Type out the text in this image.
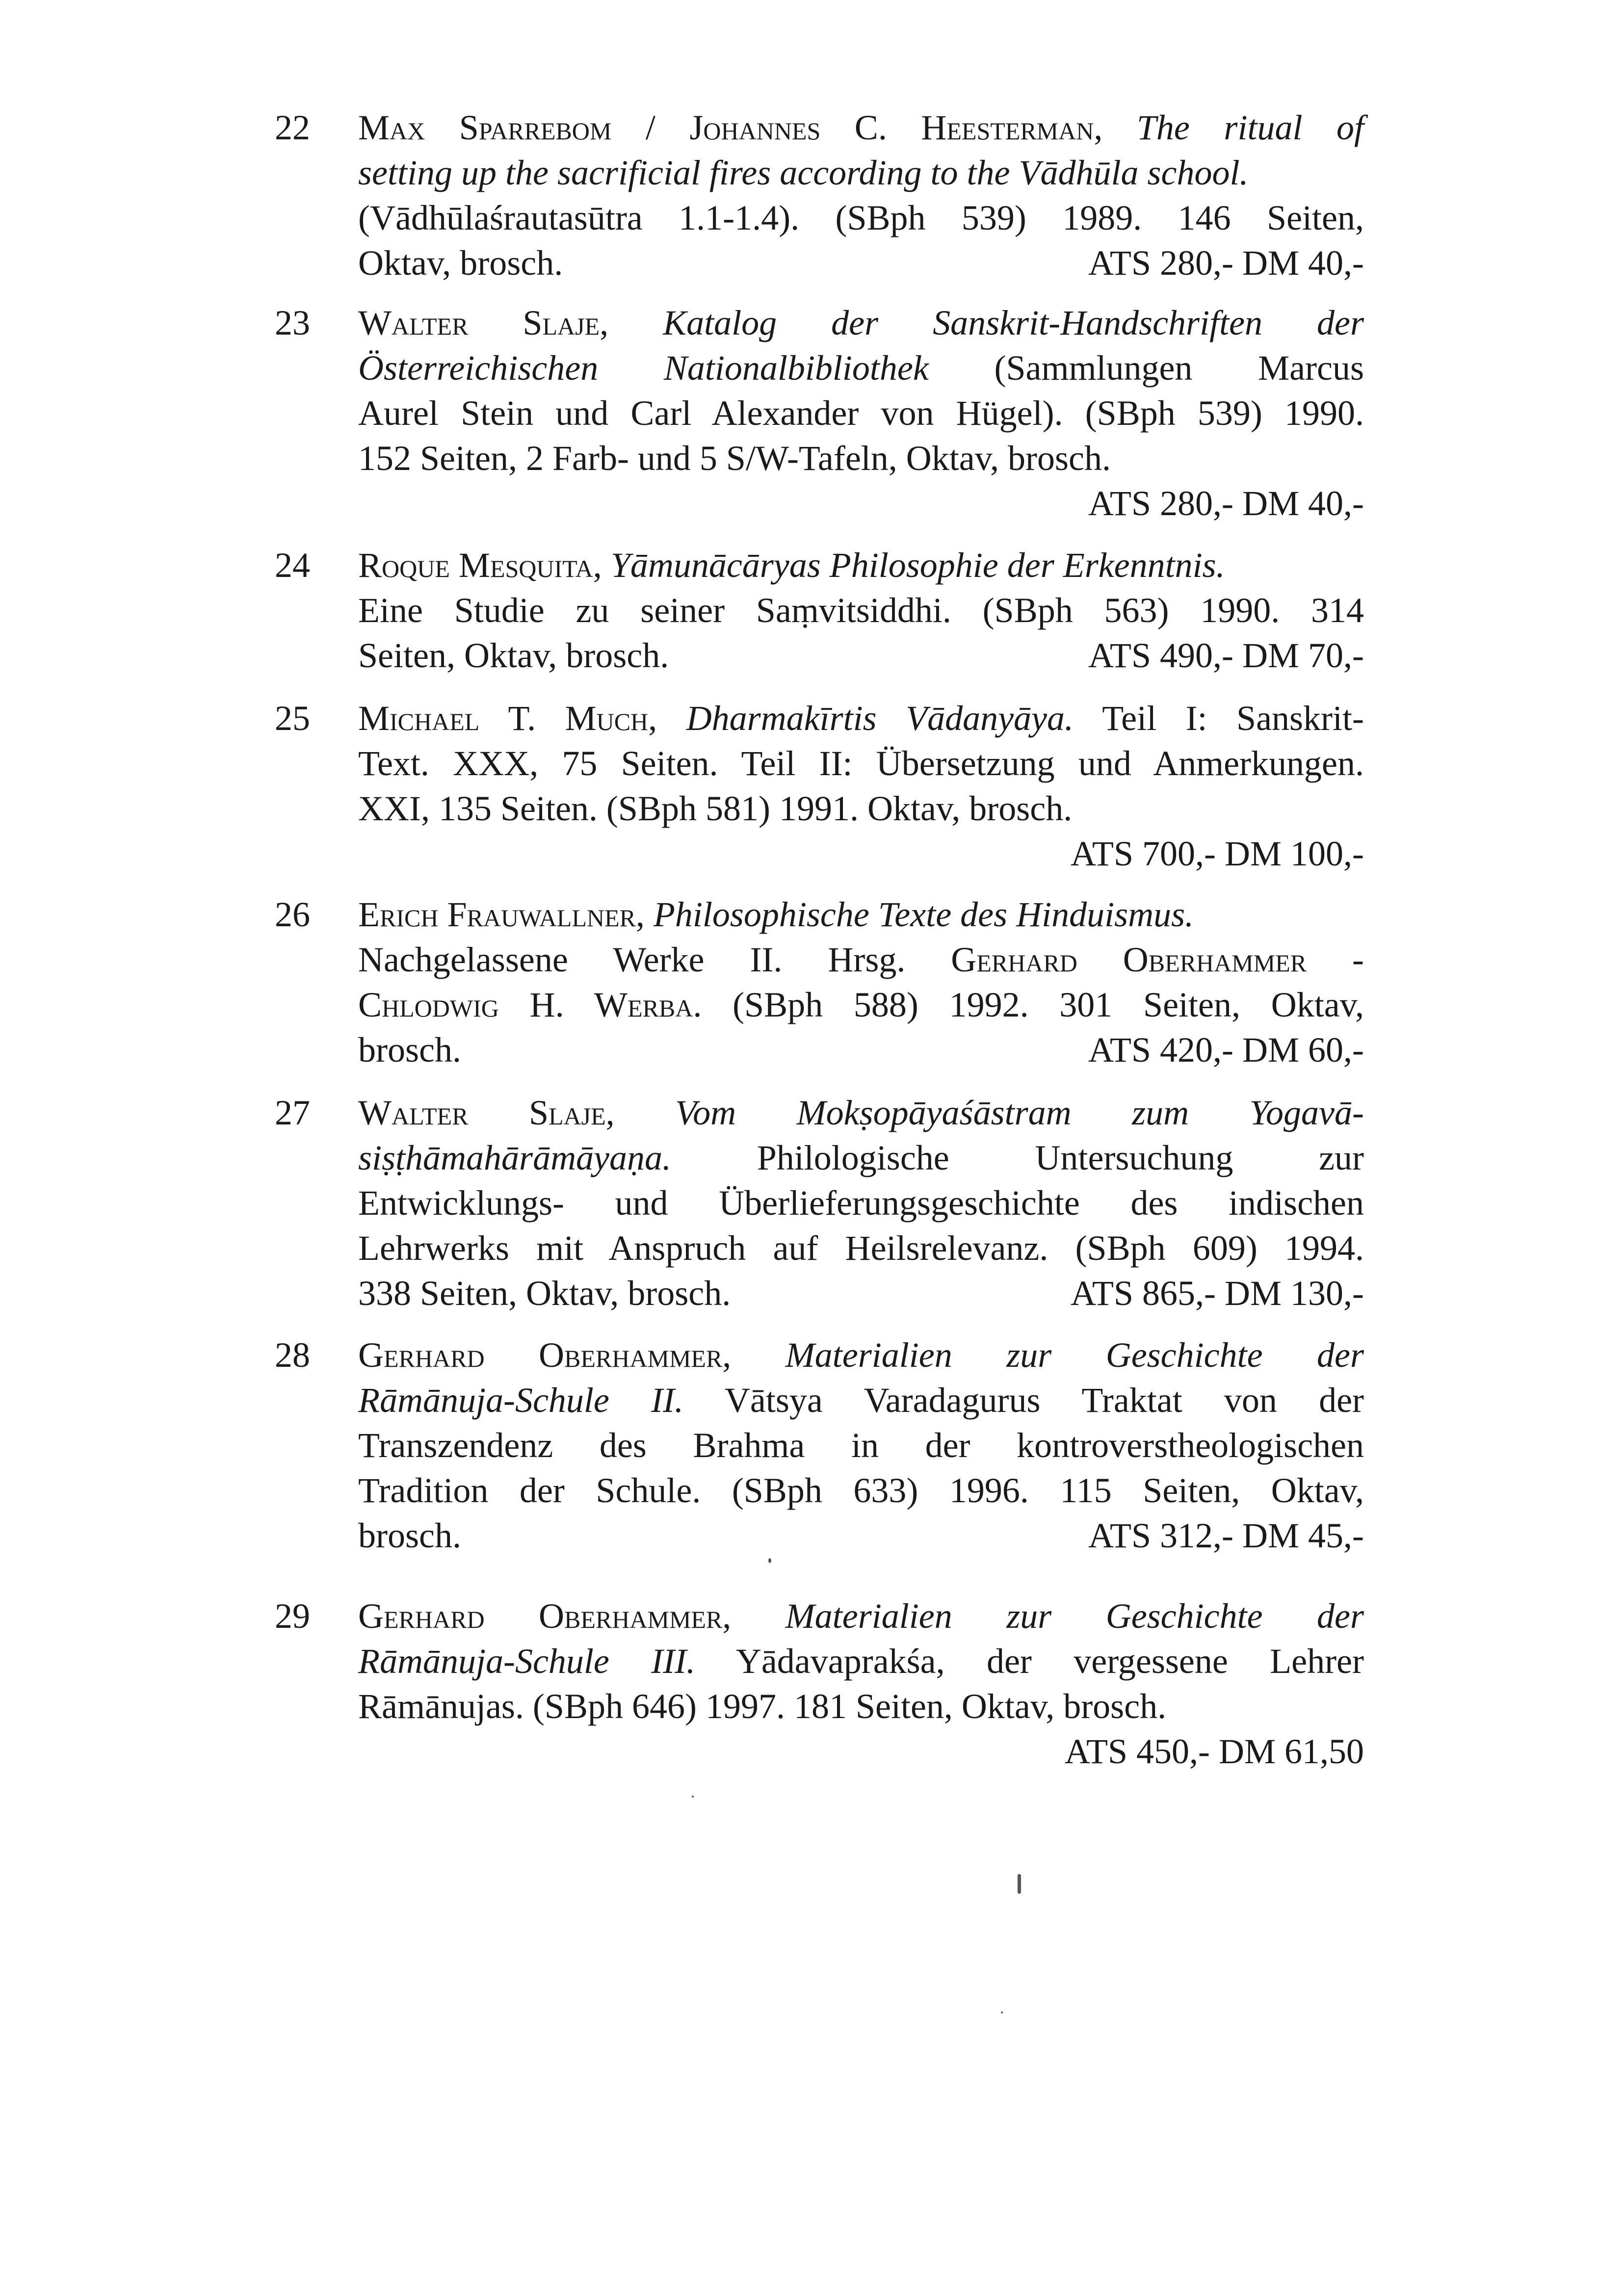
22	Max Sparrebom / Johannes C. Heesterman, The ritual of
setting up the sacrificial fires according to the Vādhūla school.
(Vādhūlaśrautasūtra 1.1-1.4). (SBph 539) 1989. 146 Seiten,
Oktav, brosch.	ATS 280,- DM 40,-
23	Walter Slaje, Katalog der Sanskrit-Handschriften der
Österreichischen Nationalbibliothek (Sammlungen Marcus
Aurel Stein und Carl Alexander von Hügel). (SBph 539) 1990.
152 Seiten, 2 Farb- und 5 S/W-Tafeln, Oktav, brosch.
ATS 280,- DM 40,-
24	Roque Mesquita, Yāmunācāryas Philosophie der Erkenntnis.
Eine Studie zu seiner Saṃvitsiddhi. (SBph 563) 1990. 314
Seiten, Oktav, brosch.	ATS 490,- DM 70,-
25	Michael T. Much, Dharmakīrtis Vādanyāya. Teil I: Sanskrit-
Text. XXX, 75 Seiten. Teil II: Übersetzung und Anmerkungen.
XXI, 135 Seiten. (SBph 581) 1991. Oktav, brosch.
ATS 700,- DM 100,-
26	Erich Frauwallner, Philosophische Texte des Hinduismus.
Nachgelassene Werke II. Hrsg. Gerhard Oberhammer -
Chlodwig H. Werba. (SBph 588) 1992. 301 Seiten, Oktav,
brosch.	ATS 420,- DM 60,-
27	Walter Slaje, Vom Mokṣopāyaśāstram zum Yogavā-
siṣṭhāmahārāmāyaṇa. Philologische Untersuchung zur
Entwicklungs- und Überlieferungsgeschichte des indischen
Lehrwerks mit Anspruch auf Heilsrelevanz. (SBph 609) 1994.
338 Seiten, Oktav, brosch.	ATS 865,- DM 130,-
28	Gerhard Oberhammer, Materialien zur Geschichte der
Rāmānuja-Schule II. Vātsya Varadagurus Traktat von der
Transzendenz des Brahma in der kontroverstheologischen
Tradition der Schule. (SBph 633) 1996. 115 Seiten, Oktav,
brosch.	ATS 312,- DM 45,-
29	Gerhard Oberhammer, Materialien zur Geschichte der
Rāmānuja-Schule III. Yādavaprakśa, der vergessene Lehrer
Rāmānujas. (SBph 646) 1997. 181 Seiten, Oktav, brosch.
ATS 450,- DM 61,50
